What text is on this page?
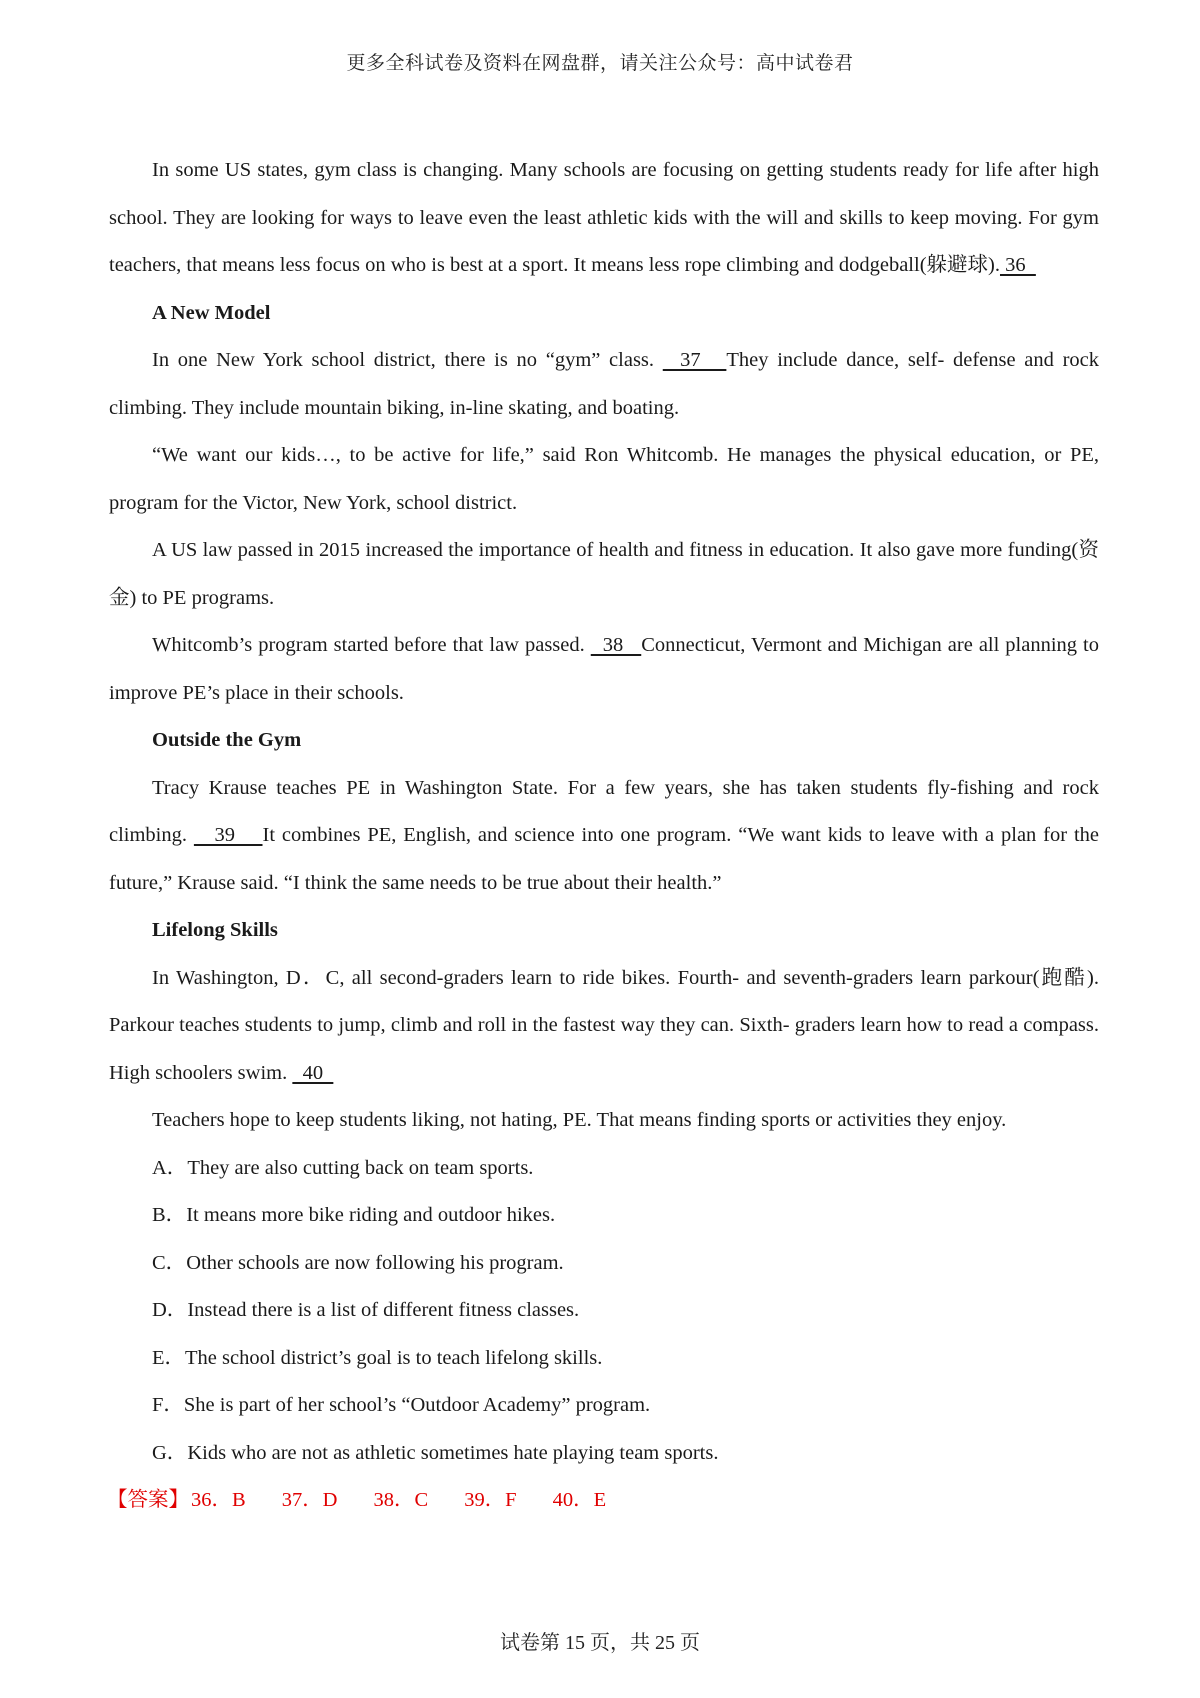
更多全科试卷及资料在网盘群，请关注公众号：高中试卷君

In some US states, gym class is changing. Many schools are focusing on getting students ready for life after high school. They are looking for ways to leave even the least athletic kids with the will and skills to keep moving. For gym teachers, that means less focus on who is best at a sport. It means less rope climbing and dodgeball(躲避球). 36

A New Model

In one New York school district, there is no “gym” class.   37   They include dance, self- defense and rock climbing. They include mountain biking, in-line skating, and boating.

“We want our kids…, to be active for life,” said Ron Whitcomb. He manages the physical education, or PE, program for the Victor, New York, school district.

A US law passed in 2015 increased the importance of health and fitness in education. It also gave more funding(资金) to PE programs.

Whitcomb’s program started before that law passed.   38   Connecticut, Vermont and Michigan are all planning to improve PE’s place in their schools.

Outside the Gym

Tracy Krause teaches PE in Washington State. For a few years, she has taken students fly-fishing and rock climbing.    39    It combines PE, English, and science into one program. “We want kids to leave with a plan for the future,” Krause said. “I think the same needs to be true about their health.”

Lifelong Skills

In Washington, D．C, all second-graders learn to ride bikes. Fourth- and seventh-graders learn parkour(跑酷). Parkour teaches students to jump, climb and roll in the fastest way they can. Sixth- graders learn how to read a compass. High schoolers swim.   40

Teachers hope to keep students liking, not hating, PE. That means finding sports or activities they enjoy.

A．They are also cutting back on team sports.

B．It means more bike riding and outdoor hikes.

C．Other schools are now following his program.

D．Instead there is a list of different fitness classes.

E．The school district’s goal is to teach lifelong skills.

F．She is part of her school’s “Outdoor Academy” program.

G．Kids who are not as athletic sometimes hate playing team sports.

【答案】36．B 37．D 38．C 39．F 40．E

试卷第 15 页，共 25 页
